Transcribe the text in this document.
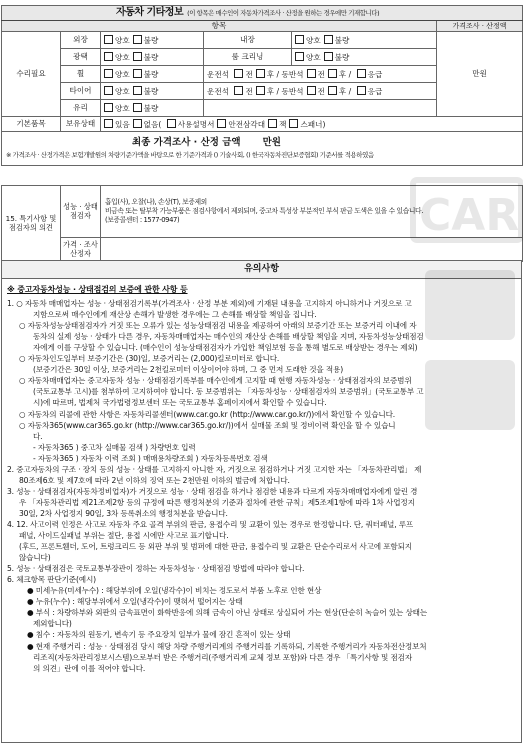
자동차 기타정보 (이 항목은 매수인이 자동차가격조사 · 산정을 원하는 경우에만 기재합니다)					
항목					가격조사 · 산정액
수리필요	외장	양호 불량	내장	양호 불량	만원
	광택	양호 불량	룸 크리닝	양호 불량	
	휠	양호 불량	운전석 전 후 / 동반석 전 후 / 응급		
	타이어	양호 불량	운전석 전 후 / 동반석 전 후 / 응급		
	유리	양호 불량			
기본품목	보유상태	있음 없음( 사용설명서 안전삼각대 잭 스패너)			

최종 가격조사 · 산정 금액 만원
※ 가격조사 · 산정가격은 보험개발원의 차량기준가액을 바탕으로 한 기준가격과 () 기술사회, () 한국자동차진단보증협회) 기준서를 적용하였음					
15. 특기사항 및 점검자의 의견	성능 · 상태 점검자	흡입(사), 오찰(나), 손상(T), 보증제외
비금속 또는 탈부착 가능부품은 점검사항에서 제외되며, 중고차 특성상 부분적인 부식 판금 도색은 있을 수 있습니다.
(보증콜센터 : 1577-0947)

	가격 · 조사 산정자	
유의사항
※ 중고자동차성능 · 상태점검의 보증에 관한 사항 등
1. ○ 자동차 매매업자는 성능 · 상태점검기록부(가격조사 · 산정 부분 제외)에 기재된 내용을 고지하지 아니하거나 거짓으로 고
지함으로써 매수인에게 재산상 손해가 발생한 경우에는 그 손해를 배상할 책임을 집니다.
○ 자동차성능상태점검자가 거짓 또는 오류가 있는 성능상태점검 내용을 제공하여 아래의 보증기간 또는 보증거리 이내에 자
동차의 실제 성능 · 상태가 다른 경우, 자동차매매업자는 매수인의 재산상 손해를 배상할 책임을 지며, 자동차성능상태점검
자에게 이를 구상할 수 있습니다. (매수인이 성능상태점검자가 가입한 책임보험 등을 통해 별도로 배상받는 경우는 제외)
○ 자동차인도일부터 보증기간은 (30)일, 보증거리는 (2,000)킬로미터로 합니다.
(보증기간은 30일 이상, 보증거리는 2천킬로미터 이상이어야 하며, 그 중 먼저 도래한 것을 적용)
○ 자동차매매업자는 중고자동차 성능 · 상태점검기록부를 매수인에게 고지할 때 현행 자동차성능 · 상태점검자의 보증범위
(국토교통부 고시)를 첨부하여 고지하여야 합니다. 동 보증범위는 「자동차성능 · 상태점검자의 보증범위」(국토교통부 고
시)에 따르며, 법제처 국가법령정보센터 또는 국토교통부 홈페이지에서 확인할 수 있습니다.
○ 자동차의 리콜에 관한 사항은 자동차리콜센터(www.car.go.kr (http://www.car.go.kr/))에서 확인할 수 있습니다.
○ 자동차365(www.car365.go.kr (http://www.car365.go.kr/))에서 실매물 조회 및 정비이력 확인을 할 수 있습니
다.
- 자동차365 ) 중고차 실매물 검색 ) 차량번호 입력
- 자동차365 ) 자동차 이력 조회 ) 매매용차량조회 ) 자동차등록번호 검색
2. 중고자동차의 구조 · 장치 등의 성능 · 상태를 고지하지 아니한 자, 거짓으로 점검하거나 거짓 고지한 자는 「자동차관리법」 제
80조제6호 및 제7호에 따라 2년 이하의 징역 또는 2천만원 이하의 벌금에 처합니다.
3. 성능 · 상태점검자(자동차정비업자)가 거짓으로 성능 · 상태 점검을 하거나 점검한 내용과 다르게 자동차매매업자에게 알린 경
우 「자동차관리법 제21조제2항 등의 규정에 따른 행정처분의 기준과 절차에 관한 규칙」제5조제1항에 따라 1차 사업정지
30일, 2차 사업정지 90일, 3차 등록취소의 행정처분을 받습니다.
4. 12. 사고이력 인정은 사고로 자동차 주요 골격 부위의 판금, 용접수리 및 교환이 있는 경우로 한정합니다. 단, 쿼터패널, 루프
패널, 사이드실패널 부위는 절단, 용접 시에만 사고로 표기합니다.
(후드, 프론트휀더, 도어, 트렁크리드 등 외판 부위 및 범퍼에 대한 판금, 용접수리 및 교환은 단순수리로서 사고에 포함되지
않습니다)
5. 성능 · 상태점검은 국토교통부장관이 정하는 자동차성능 · 상태점검 방법에 따라야 합니다.
6. 체크항목 판단기준(예시)
● 미세누유(미세누수) : 해당부위에 오일(냉각수)이 비치는 정도로서 부품 노후로 인한 현상
● 누유(누수) : 해당부위에서 오일(냉각수)이 맺혀서 떨어지는 상태
● 부식 : 차량하부와 외판의 금속표면이 화학반응에 의해 금속이 아닌 상태로 상실되어 가는 현상(단순히 녹슬어 있는 상태는
제외합니다)
● 침수 : 자동차의 원동기, 변속기 등 주요장치 일부가 물에 잠긴 흔적이 있는 상태
● 현재 주행거리 : 성능 · 상태점검 당시 해당 차량 주행거리계의 주행거리를 기록하되, 기록한 주행거리가 자동차전산정보처
리조직(자동차관리정보시스템)으로부터 받은 주행거리(주행거리계 교체 정보 포함)와 다른 경우 「특기사항 및 점검자
의 의견」란에 이를 적어야 합니다.
CAR
